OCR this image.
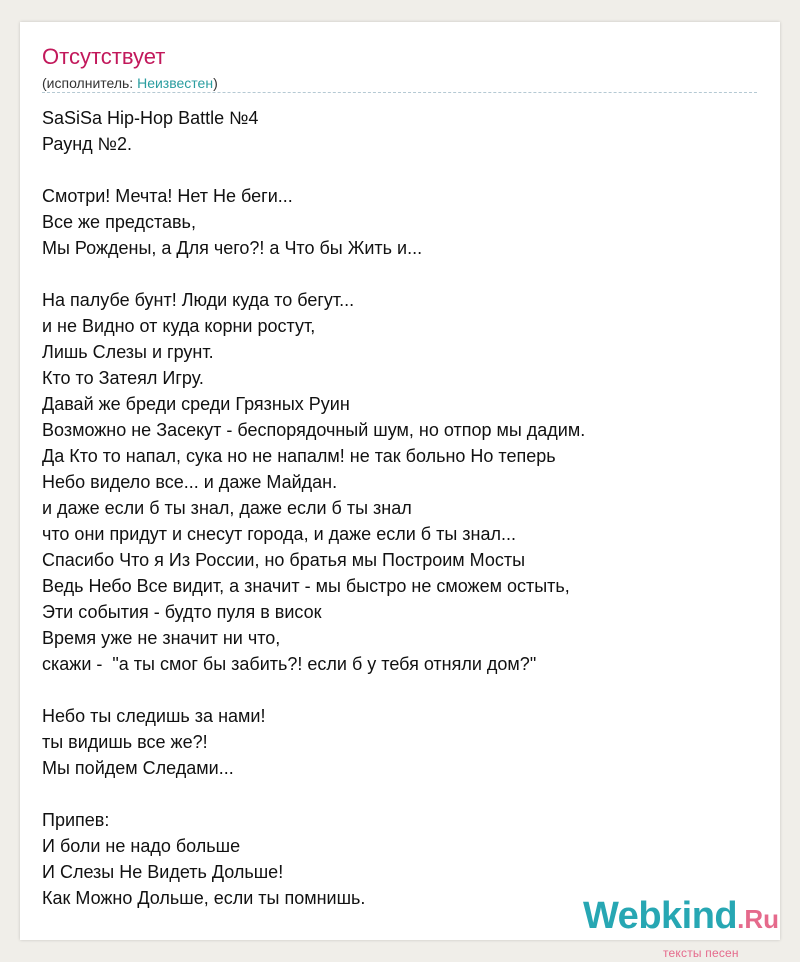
Отсутствует
(исполнитель: Неизвестен)
SaSiSa Hip-Hop Battle №4
Раунд №2.
Смотри! Мечта! Нет Не беги...
Все же представь,
Мы Рождены, а Для чего?! а Что бы Жить и...
На палубе бунт! Люди куда то бегут...
и не Видно от куда корни ростут,
Лишь Слезы и грунт.
Кто то Затеял Игру.
Давай же бреди среди Грязных Руин
Возможно не Засекут - беспорядочный шум, но отпор мы дадим.
Да Кто то напал, сука но не напалм! не так больно Но теперь
Небо видело все... и даже Майдан.
и даже если б ты знал, даже если б ты знал
что они придут и снесут города, и даже если б ты знал...
Спасибо Что я Из России, но братья мы Построим Мосты
Ведь Небо Все видит, а значит - мы быстро не сможем остыть,
Эти события - будто пуля в висок
Время уже не значит ни что,
скажи -  "а ты смог бы забить?! если б у тебя отняли дом?"
Небо ты следишь за нами!
ты видишь все же?!
Мы пойдем Следами...
Припев:
И боли не надо больше
И Слезы Не Видеть Дольше!
Как Можно Дольше, если ты помнишь.	Webkind.Ru
тексты песен
